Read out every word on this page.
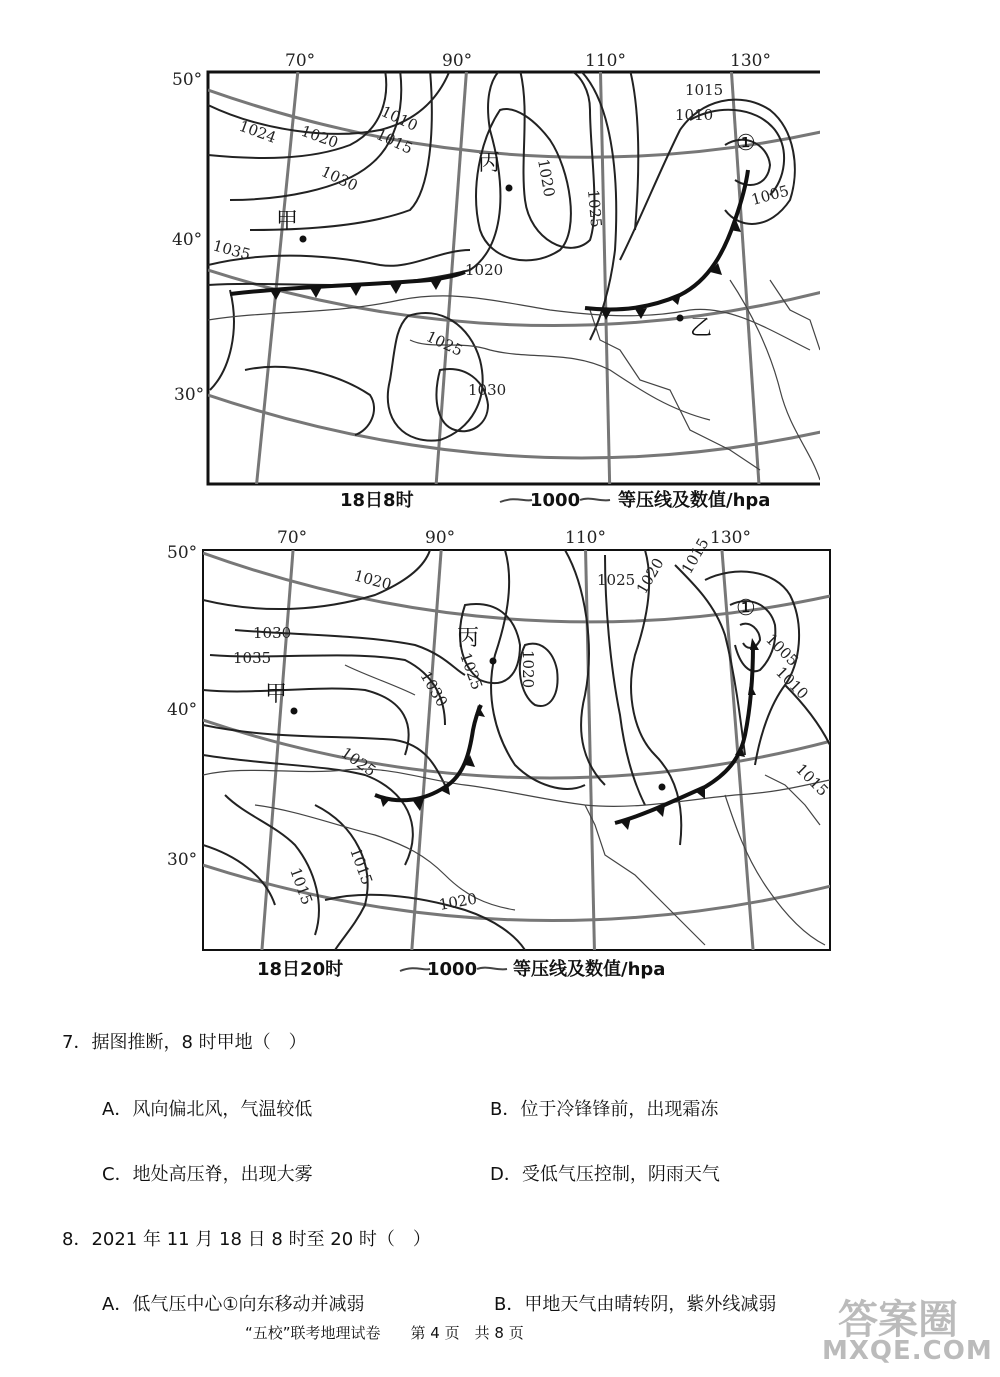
50°
40°
30°
70°	90°	110°	130°
1024 1020
1010
1015
1030
1035
1020
1020
1025
1015
1010
1005
1025
1030
甲
丙
乙
①
18日8时	1000 等压线及数值/hpa
50°
40°
30°
70°	90°	110°	130°
1020
1030
1035
1030
1025
1015
1015	1020
1025 1020
1025
1020 1015
1005
1010
1015
甲
丙
①
18日20时	1000 等压线及数值/hpa
7．据图推断，8 时甲地（　）
A．风向偏北风，气温较低	B．位于冷锋锋前，出现霜冻
C．地处高压脊，出现大雾	D．受低气压控制，阴雨天气
8．2021 年 11 月 18 日 8 时至 20 时（　）
A．低气压中心①向东移动并减弱	B．甲地天气由晴转阴，紫外线减弱
“五校”联考地理试卷　　第 4 页　共 8 页	答案圈
MXQE.COM
